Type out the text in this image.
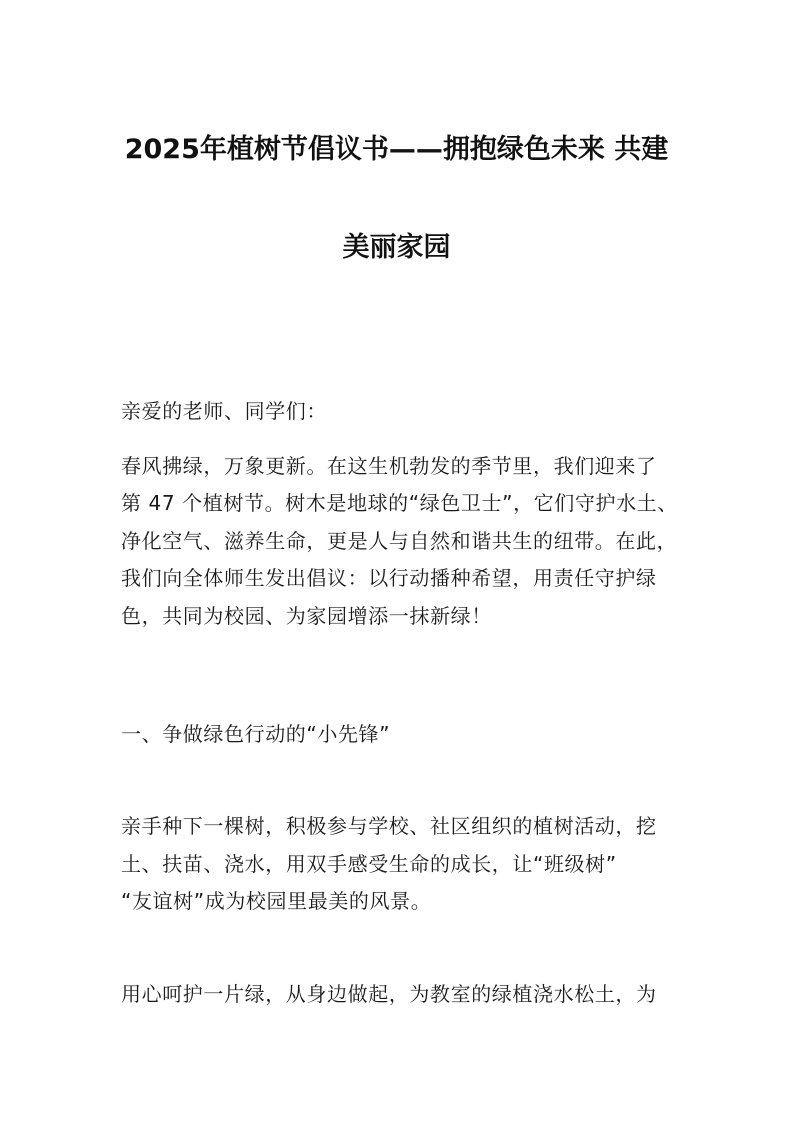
2025年植树节倡议书——拥抱绿色未来 共建
美丽家园
亲爱的老师、同学们：
春风拂绿，万象更新。在这生机勃发的季节里，我们迎来了
第 47 个植树节。树木是地球的“绿色卫士”，它们守护水土、
净化空气、滋养生命，更是人与自然和谐共生的纽带。在此，
我们向全体师生发出倡议：以行动播种希望，用责任守护绿
色，共同为校园、为家园增添一抹新绿！
一、争做绿色行动的“小先锋”
亲手种下一棵树，积极参与学校、社区组织的植树活动，挖
土、扶苗、浇水，用双手感受生命的成长，让“班级树”
“友谊树”成为校园里最美的风景。
用心呵护一片绿，从身边做起，为教室的绿植浇水松土，为
